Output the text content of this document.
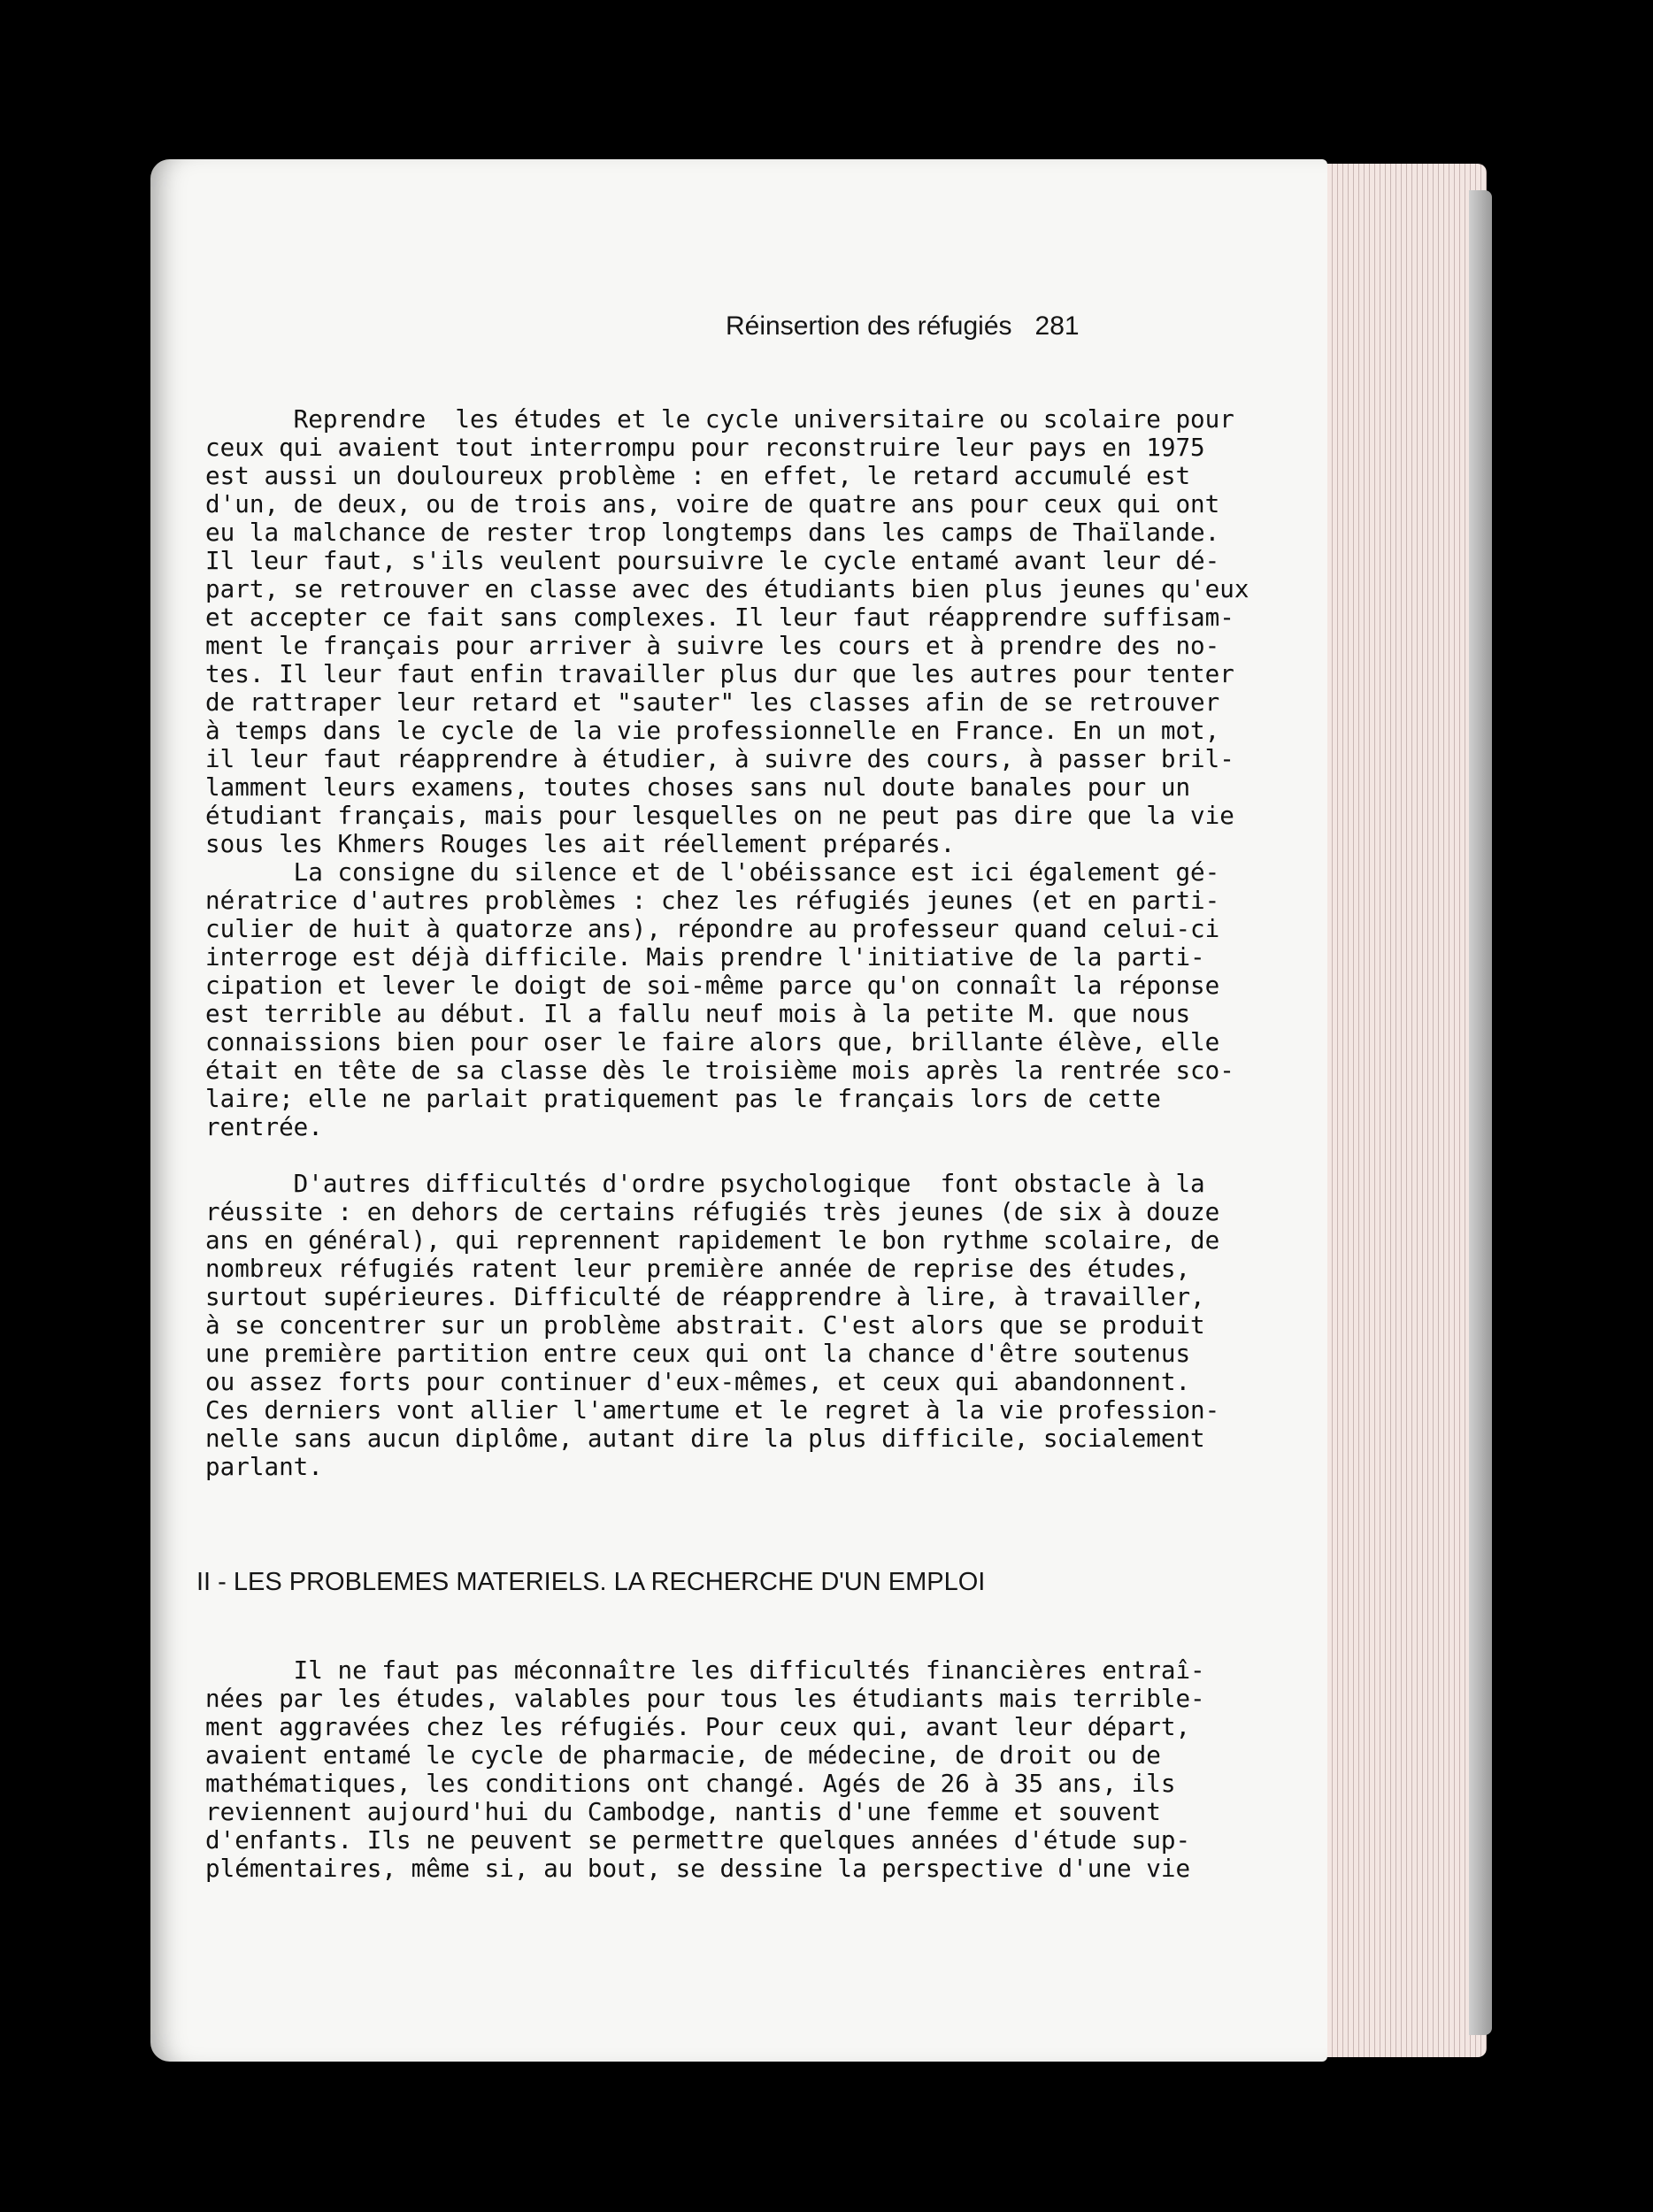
Réinsertion des réfugiés 281
Reprendre  les études et le cycle universitaire ou scolaire pour
ceux qui avaient tout interrompu pour reconstruire leur pays en 1975
est aussi un douloureux problème : en effet, le retard accumulé est
d'un, de deux, ou de trois ans, voire de quatre ans pour ceux qui ont
eu la malchance de rester trop longtemps dans les camps de Thaïlande.
Il leur faut, s'ils veulent poursuivre le cycle entamé avant leur dé-
part, se retrouver en classe avec des étudiants bien plus jeunes qu'eux
et accepter ce fait sans complexes. Il leur faut réapprendre suffisam-
ment le français pour arriver à suivre les cours et à prendre des no-
tes. Il leur faut enfin travailler plus dur que les autres pour tenter
de rattraper leur retard et "sauter" les classes afin de se retrouver
à temps dans le cycle de la vie professionnelle en France. En un mot,
il leur faut réapprendre à étudier, à suivre des cours, à passer bril-
lamment leurs examens, toutes choses sans nul doute banales pour un
étudiant français, mais pour lesquelles on ne peut pas dire que la vie
sous les Khmers Rouges les ait réellement préparés.
La consigne du silence et de l'obéissance est ici également gé-
nératrice d'autres problèmes : chez les réfugiés jeunes (et en parti-
culier de huit à quatorze ans), répondre au professeur quand celui-ci
interroge est déjà difficile. Mais prendre l'initiative de la parti-
cipation et lever le doigt de soi-même parce qu'on connaît la réponse
est terrible au début. Il a fallu neuf mois à la petite M. que nous
connaissions bien pour oser le faire alors que, brillante élève, elle
était en tête de sa classe dès le troisième mois après la rentrée sco-
laire; elle ne parlait pratiquement pas le français lors de cette
rentrée.

D'autres difficultés d'ordre psychologique  font obstacle à la
réussite : en dehors de certains réfugiés très jeunes (de six à douze
ans en général), qui reprennent rapidement le bon rythme scolaire, de
nombreux réfugiés ratent leur première année de reprise des études,
surtout supérieures. Difficulté de réapprendre à lire, à travailler,
à se concentrer sur un problème abstrait. C'est alors que se produit
une première partition entre ceux qui ont la chance d'être soutenus
ou assez forts pour continuer d'eux-mêmes, et ceux qui abandonnent.
Ces derniers vont allier l'amertume et le regret à la vie profession-
nelle sans aucun diplôme, autant dire la plus difficile, socialement
parlant.
II - LES PROBLEMES MATERIELS. LA RECHERCHE D'UN EMPLOI
Il ne faut pas méconnaître les difficultés financières entraî-
nées par les études, valables pour tous les étudiants mais terrible-
ment aggravées chez les réfugiés. Pour ceux qui, avant leur départ,
avaient entamé le cycle de pharmacie, de médecine, de droit ou de
mathématiques, les conditions ont changé. Agés de 26 à 35 ans, ils
reviennent aujourd'hui du Cambodge, nantis d'une femme et souvent
d'enfants. Ils ne peuvent se permettre quelques années d'étude sup-
plémentaires, même si, au bout, se dessine la perspective d'une vie
